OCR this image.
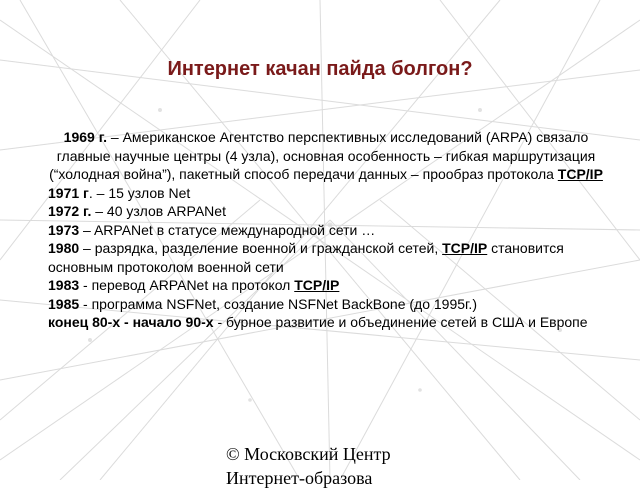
Интернет качан пайда болгон?
1969 г. – Американское Агентство перспективных исследований (ARPA) связало главные научные центры (4 узла), основная особенность – гибкая маршрутизация (“холодная война”), пакетный способ передачи данных – прообраз протокола TCP/IP
1971 г. – 15 узлов Net
1972 г. – 40 узлов ARPANet
1973 – ARPANet в статусе международной сети …
1980 – разрядка, разделение военной и гражданской сетей, TCP/IP становится основным протоколом военной сети
1983 - перевод ARPANet на протокол TCP/IP
1985 - программа NSFNet, создание NSFNet BackBone (до 1995г.)
конец 80-х - начало 90-х - бурное развитие и объединение сетей в США и Европе
© Московский Центр
Интернет-образова
